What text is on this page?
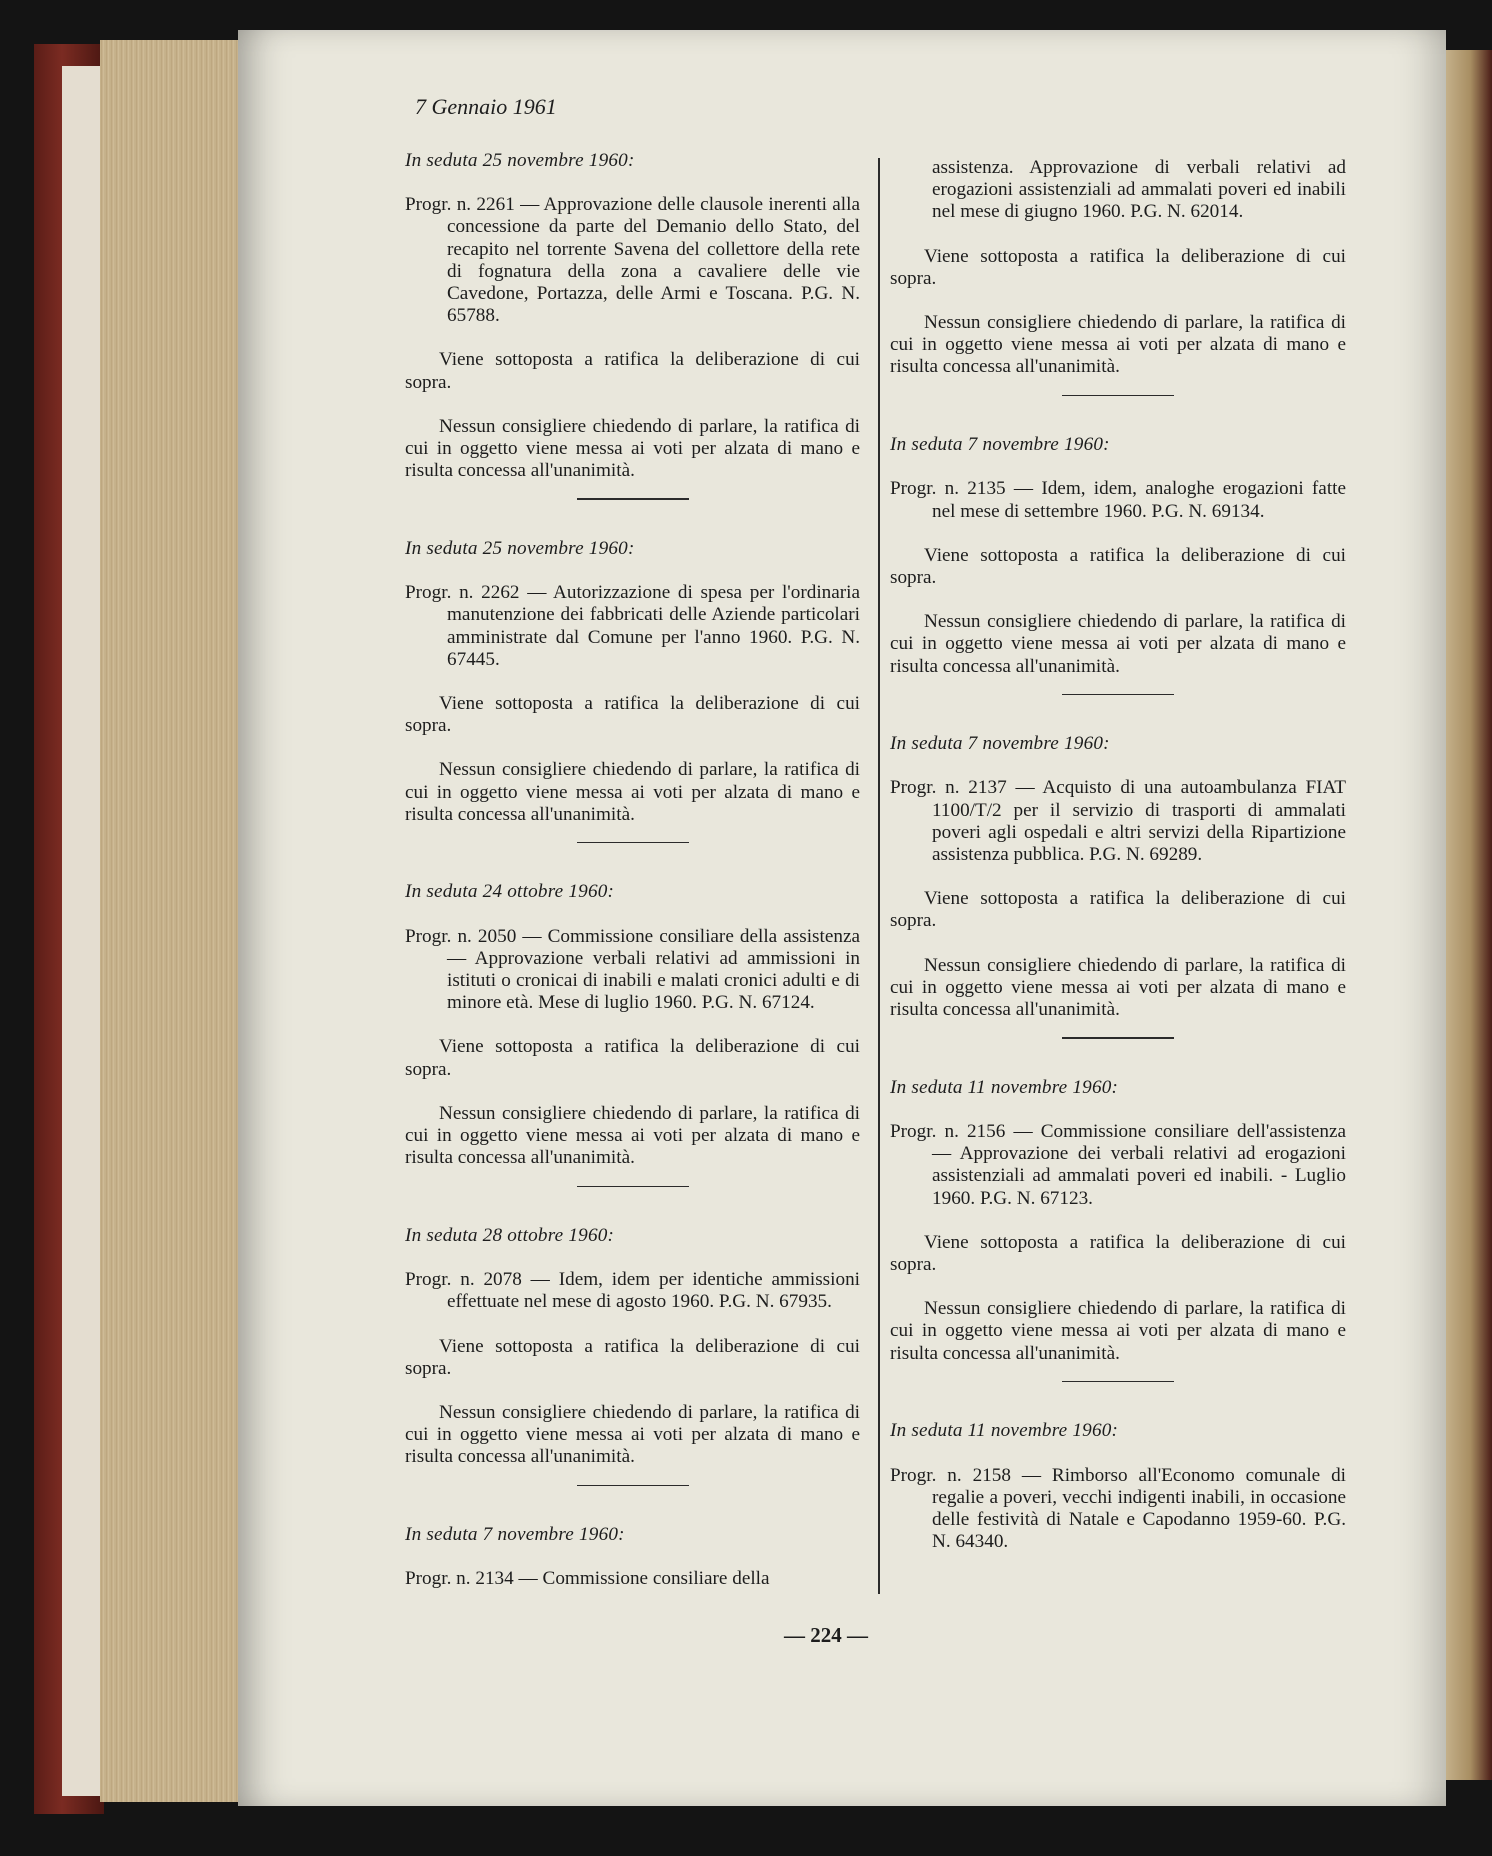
7 Gennaio 1961
In seduta 25 novembre 1960:
Progr. n. 2261 — Approvazione delle clausole inerenti alla concessione da parte del Demanio dello Stato, del recapito nel torrente Savena del collettore della rete di fognatura della zona a cavaliere delle vie Cavedone, Portazza, delle Armi e Toscana. P.G. N. 65788.
Viene sottoposta a ratifica la deliberazione di cui sopra.
Nessun consigliere chiedendo di parlare, la ratifica di cui in oggetto viene messa ai voti per alzata di mano e risulta concessa all'unanimità.
In seduta 25 novembre 1960:
Progr. n. 2262 — Autorizzazione di spesa per l'ordinaria manutenzione dei fabbricati delle Aziende particolari amministrate dal Comune per l'anno 1960. P.G. N. 67445.
Viene sottoposta a ratifica la deliberazione di cui sopra.
Nessun consigliere chiedendo di parlare, la ratifica di cui in oggetto viene messa ai voti per alzata di mano e risulta concessa all'unanimità.
In seduta 24 ottobre 1960:
Progr. n. 2050 — Commissione consiliare della assistenza — Approvazione verbali relativi ad ammissioni in istituti o cronicai di inabili e malati cronici adulti e di minore età. Mese di luglio 1960. P.G. N. 67124.
Viene sottoposta a ratifica la deliberazione di cui sopra.
Nessun consigliere chiedendo di parlare, la ratifica di cui in oggetto viene messa ai voti per alzata di mano e risulta concessa all'unanimità.
In seduta 28 ottobre 1960:
Progr. n. 2078 — Idem, idem per identiche ammissioni effettuate nel mese di agosto 1960. P.G. N. 67935.
Viene sottoposta a ratifica la deliberazione di cui sopra.
Nessun consigliere chiedendo di parlare, la ratifica di cui in oggetto viene messa ai voti per alzata di mano e risulta concessa all'unanimità.
In seduta 7 novembre 1960:
Progr. n. 2134 — Commissione consiliare della
assistenza. Approvazione di verbali relativi ad erogazioni assistenziali ad ammalati poveri ed inabili nel mese di giugno 1960. P.G. N. 62014.
Viene sottoposta a ratifica la deliberazione di cui sopra.
Nessun consigliere chiedendo di parlare, la ratifica di cui in oggetto viene messa ai voti per alzata di mano e risulta concessa all'unanimità.
In seduta 7 novembre 1960:
Progr. n. 2135 — Idem, idem, analoghe erogazioni fatte nel mese di settembre 1960. P.G. N. 69134.
Viene sottoposta a ratifica la deliberazione di cui sopra.
Nessun consigliere chiedendo di parlare, la ratifica di cui in oggetto viene messa ai voti per alzata di mano e risulta concessa all'unanimità.
In seduta 7 novembre 1960:
Progr. n. 2137 — Acquisto di una autoambulanza FIAT 1100/T/2 per il servizio di trasporti di ammalati poveri agli ospedali e altri servizi della Ripartizione assistenza pubblica. P.G. N. 69289.
Viene sottoposta a ratifica la deliberazione di cui sopra.
Nessun consigliere chiedendo di parlare, la ratifica di cui in oggetto viene messa ai voti per alzata di mano e risulta concessa all'unanimità.
In seduta 11 novembre 1960:
Progr. n. 2156 — Commissione consiliare dell'assistenza — Approvazione dei verbali relativi ad erogazioni assistenziali ad ammalati poveri ed inabili. - Luglio 1960. P.G. N. 67123.
Viene sottoposta a ratifica la deliberazione di cui sopra.
Nessun consigliere chiedendo di parlare, la ratifica di cui in oggetto viene messa ai voti per alzata di mano e risulta concessa all'unanimità.
In seduta 11 novembre 1960:
Progr. n. 2158 — Rimborso all'Economo comunale di regalie a poveri, vecchi indigenti inabili, in occasione delle festività di Natale e Capodanno 1959-60. P.G. N. 64340.
— 224 —
